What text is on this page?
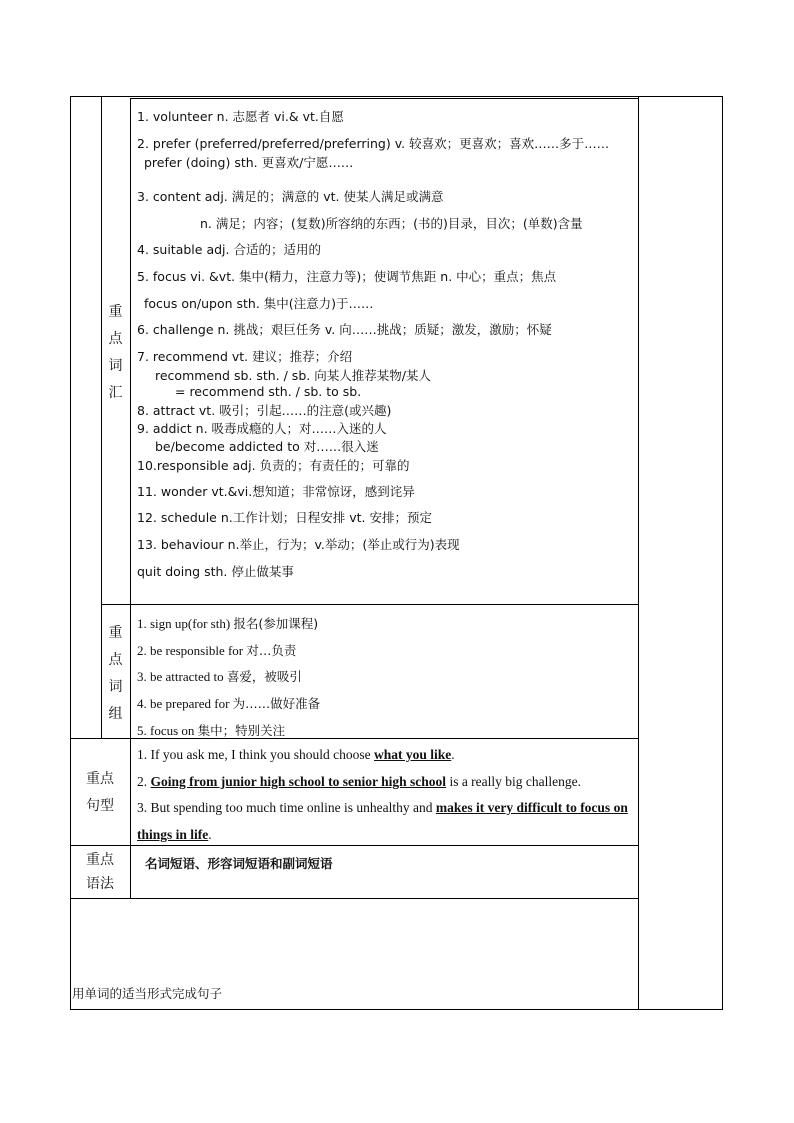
重
点
词
汇
重
点
词
组
重点
句型
重点
语法
1. volunteer n. 志愿者 vi.& vt.自愿
2. prefer (preferred/preferred/preferring) v. 较喜欢；更喜欢；喜欢……多于……
prefer (doing) sth. 更喜欢/宁愿……
3. content adj. 满足的；满意的 vt. 使某人满足或满意
n. 满足；内容；(复数)所容纳的东西；(书的)目录，目次；(单数)含量
4. suitable adj. 合适的；适用的
5. focus vi. &vt. 集中(精力，注意力等)；使调节焦距 n. 中心；重点；焦点
focus on/upon sth. 集中(注意力)于……
6. challenge n. 挑战；艰巨任务 v. 向……挑战；质疑；激发，激励；怀疑
7. recommend vt. 建议；推荐；介绍
recommend sb. sth. / sb. 向某人推荐某物/某人
= recommend sth. / sb. to sb.
8. attract vt. 吸引；引起……的注意(或兴趣)
9. addict n. 吸毒成瘾的人；对……入迷的人
be/become addicted to 对……很入迷
10.responsible adj. 负责的；有责任的；可靠的
11. wonder vt.&vi.想知道；非常惊讶，感到诧异
12. schedule n.工作计划；日程安排 vt. 安排；预定
13. behaviour n.举止，行为；v.举动；(举止或行为)表现
quit doing sth. 停止做某事
1. sign up(for sth) 报名(参加课程)
2. be responsible for 对…负责
3. be attracted to 喜爱，被吸引
4. be prepared for 为……做好准备
5. focus on 集中；特别关注
1. If you ask me, I think you should choose what you like.
2. Going from junior high school to senior high school is a really big challenge.
3. But spending too much time online is unhealthy and makes it very difficult to focus on
things in life.
名词短语、形容词短语和副词短语
用单词的适当形式完成句子
